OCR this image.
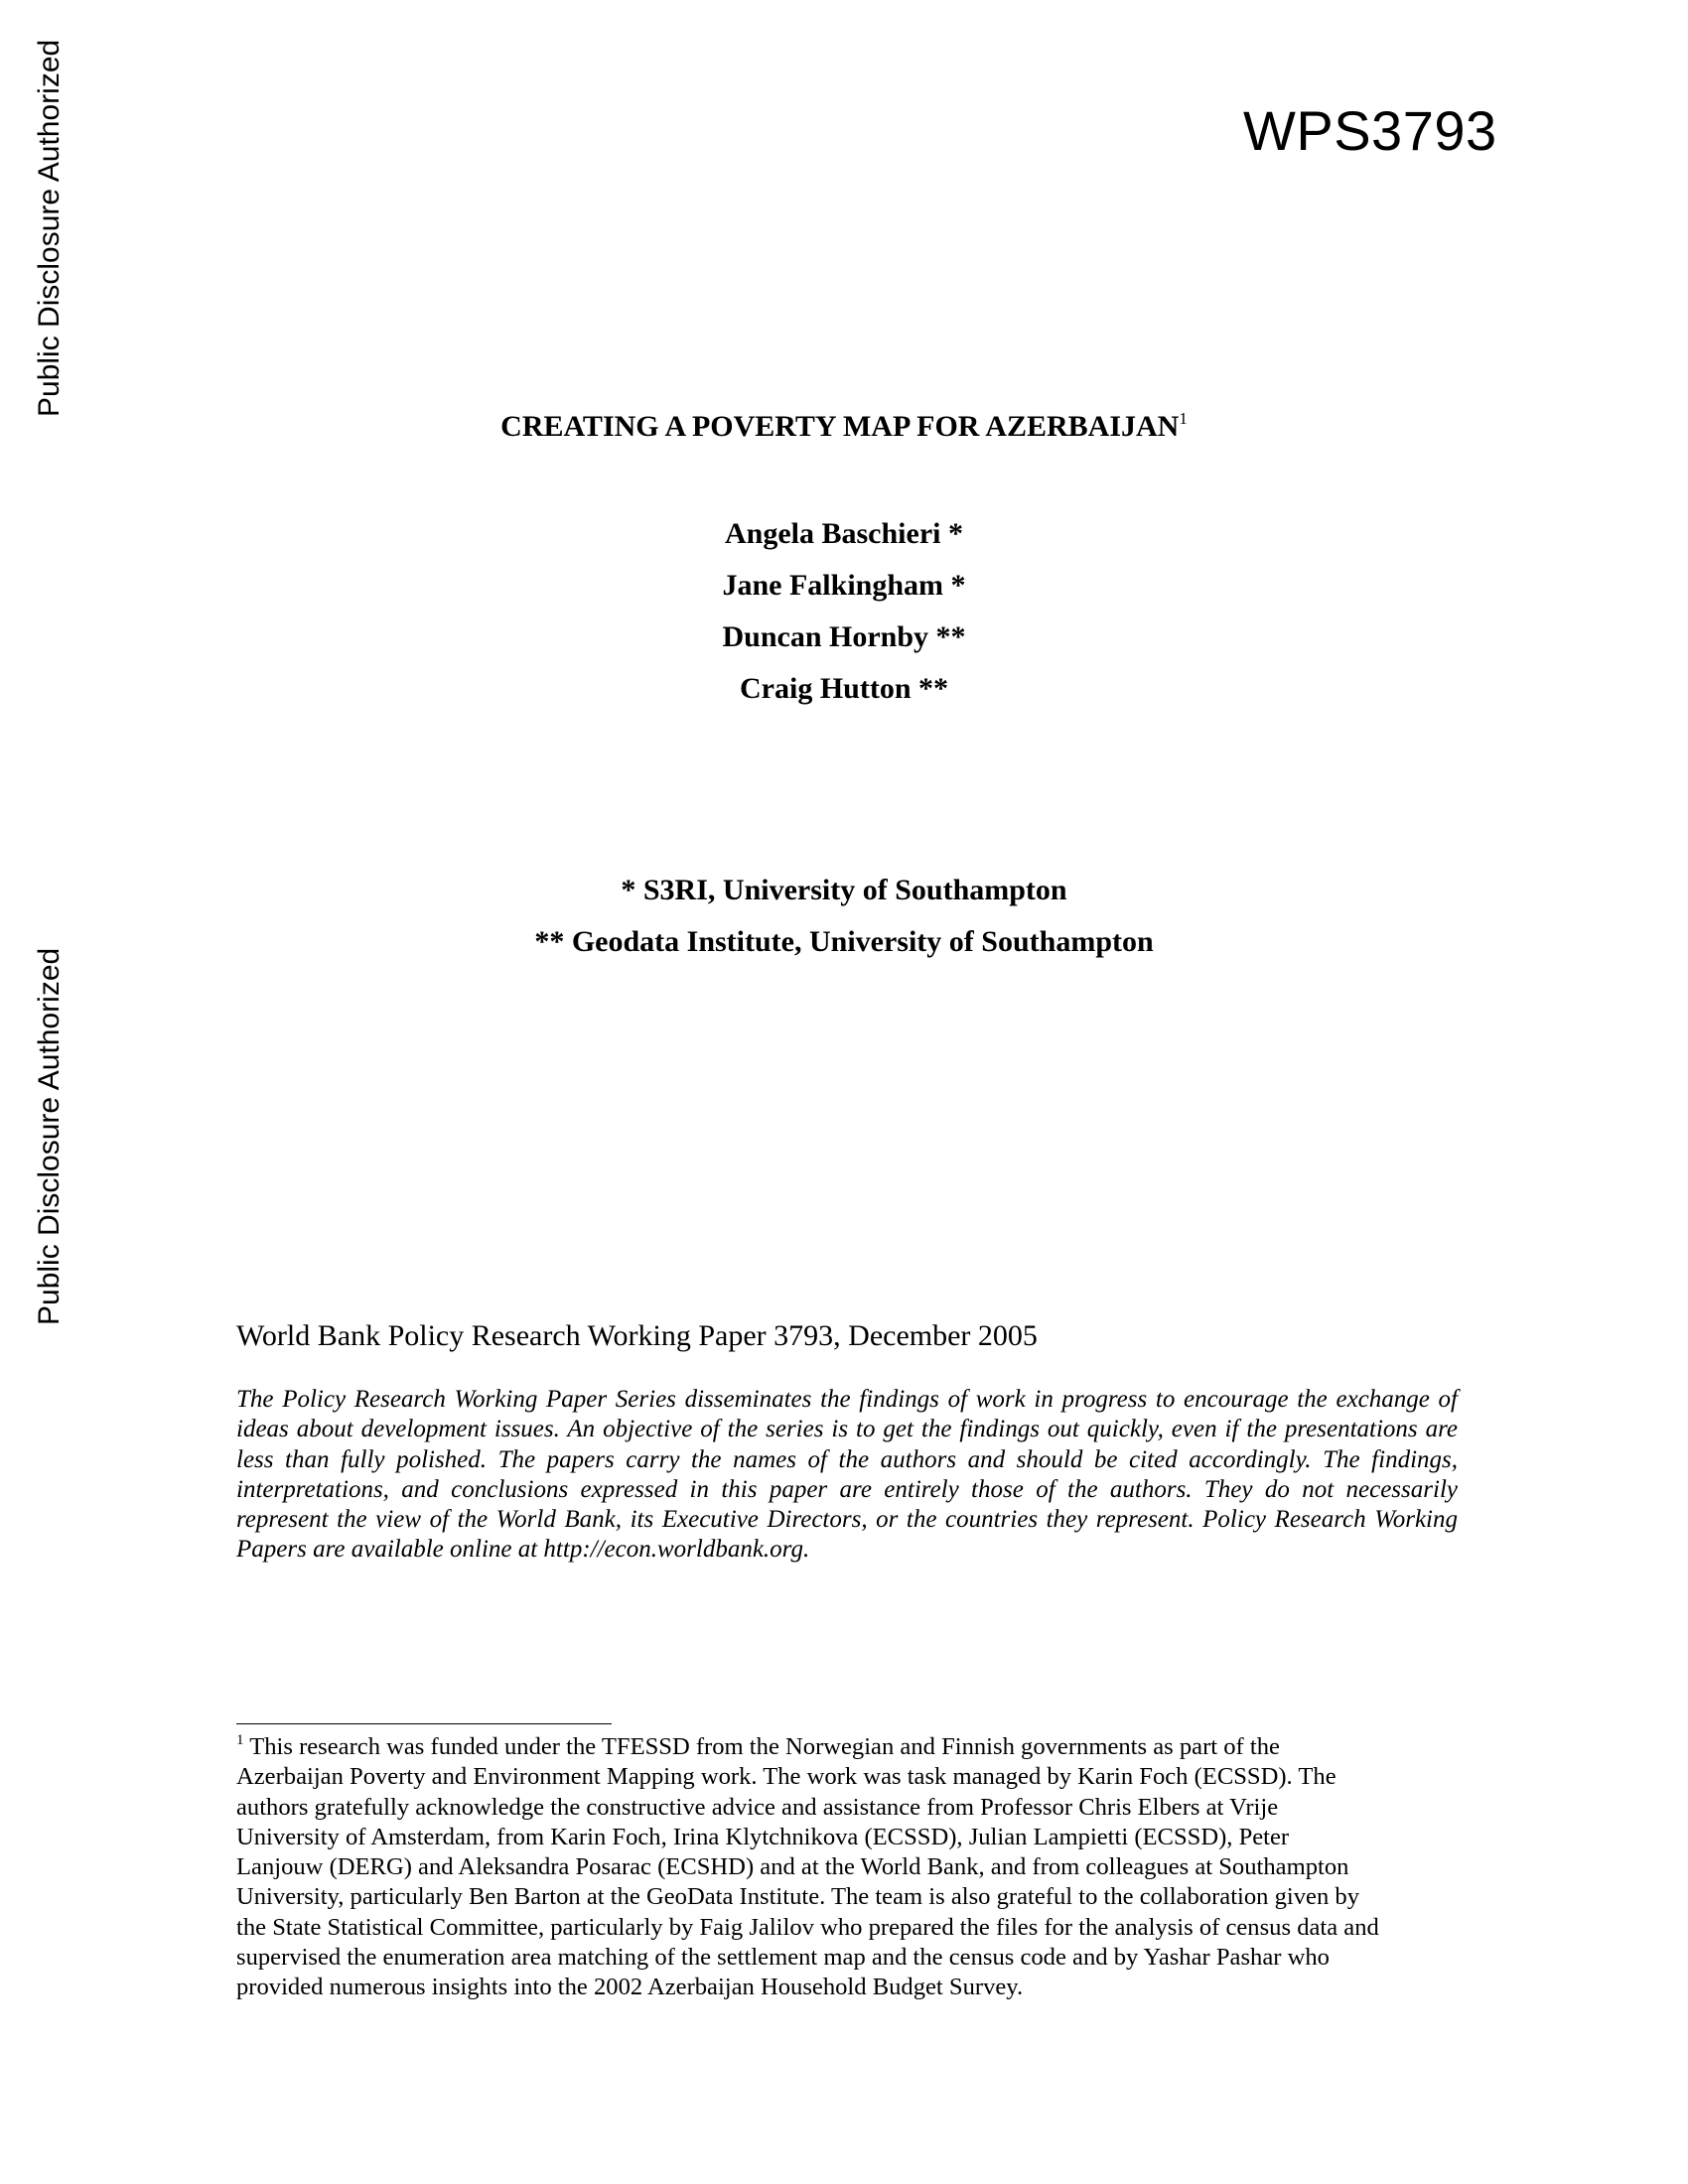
Public Disclosure Authorized
Public Disclosure Authorized
WPS3793
CREATING A POVERTY MAP FOR AZERBAIJAN$^1$
Angela Baschieri *
Jane Falkingham *
Duncan Hornby **
Craig Hutton **
* S3RI, University of Southampton
** Geodata Institute, University of Southampton
World Bank Policy Research Working Paper 3793, December 2005

The Policy Research Working Paper Series disseminates the findings of work in progress to encourage the exchange of ideas about development issues. An objective of the series is to get the findings out quickly, even if the presentations are less than fully polished. The papers carry the names of the authors and should be cited accordingly. The findings, interpretations, and conclusions expressed in this paper are entirely those of the authors. They do not necessarily represent the view of the World Bank, its Executive Directors, or the countries they represent. Policy Research Working Papers are available online at http://econ.worldbank.org.

$^1$ This research was funded under the TFESSD from the Norwegian and Finnish governments as part of the
Azerbaijan Poverty and Environment Mapping work. The work was task managed by Karin Foch (ECSSD). The
authors gratefully acknowledge the constructive advice and assistance from Professor Chris Elbers at Vrije
University of Amsterdam, from Karin Foch, Irina Klytchnikova (ECSSD), Julian Lampietti (ECSSD), Peter
Lanjouw (DERG) and Aleksandra Posarac (ECSHD) and at the World Bank, and from colleagues at Southampton
University, particularly Ben Barton at the GeoData Institute. The team is also grateful to the collaboration given by
the State Statistical Committee, particularly by Faig Jalilov who prepared the files for the analysis of census data and
supervised the enumeration area matching of the settlement map and the census code and by Yashar Pashar who
provided numerous insights into the 2002 Azerbaijan Household Budget Survey.
